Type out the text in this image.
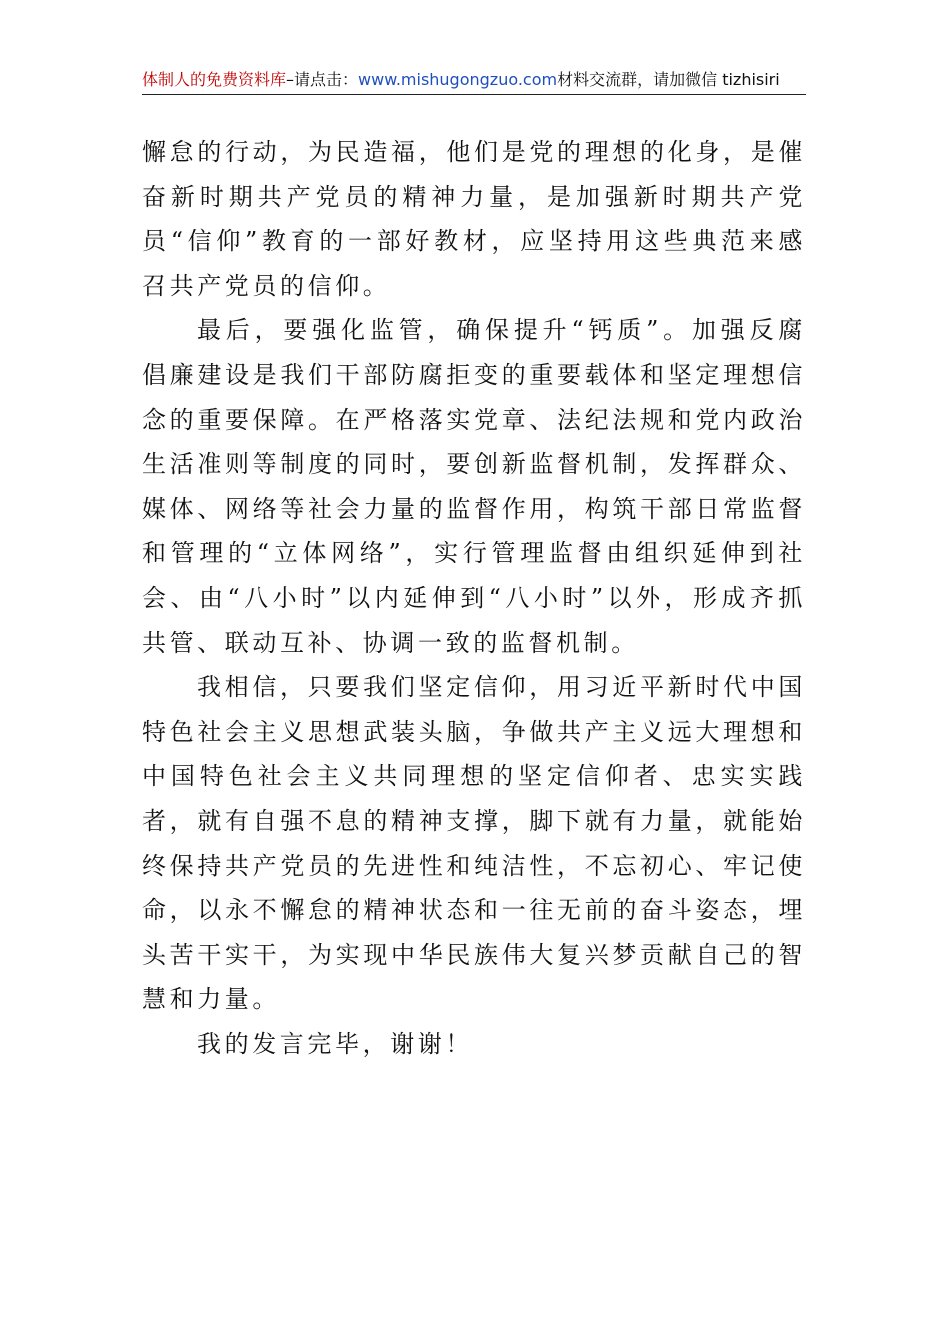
体制人的免费资料库–请点击：www.mishugongzuo.com材料交流群，请加微信 tizhisiri

懈怠的行动，为民造福，他们是党的理想的化身，是催奋新时期共产党员的精神力量，是加强新时期共产党员“信仰”教育的一部好教材，应坚持用这些典范来感召共产党员的信仰。

最后，要强化监管，确保提升“钙质”。加强反腐倡廉建设是我们干部防腐拒变的重要载体和坚定理想信念的重要保障。在严格落实党章、法纪法规和党内政治生活准则等制度的同时，要创新监督机制，发挥群众、媒体、网络等社会力量的监督作用，构筑干部日常监督和管理的“立体网络”，实行管理监督由组织延伸到社会、由“八小时”以内延伸到“八小时”以外，形成齐抓共管、联动互补、协调一致的监督机制。

我相信，只要我们坚定信仰，用习近平新时代中国特色社会主义思想武装头脑，争做共产主义远大理想和中国特色社会主义共同理想的坚定信仰者、忠实实践者，就有自强不息的精神支撑，脚下就有力量，就能始终保持共产党员的先进性和纯洁性，不忘初心、牢记使命，以永不懈怠的精神状态和一往无前的奋斗姿态，埋头苦干实干，为实现中华民族伟大复兴梦贡献自己的智慧和力量。

我的发言完毕，谢谢！
